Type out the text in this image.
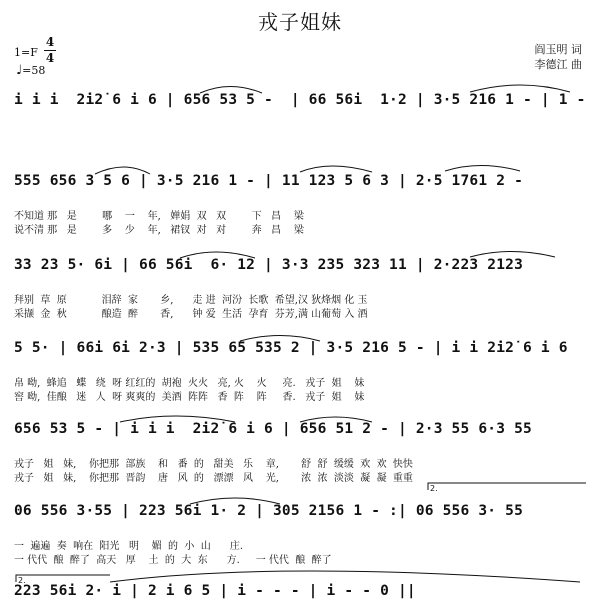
戎子姐妹
1=F
4
4
♩=58
阎玉明 词
李德江 曲
i i i  2̇i2̇ 6 i 6 | 656 53 5 -  | 66 56i  1·2 | 3·5 216 1 - | 1 -
555 656 3 5 6 | 3·5 216 1 - | 11 123 5 6 3 | 2·5 1761 2 -
不知道 那   是        哪    一    年,   婵娟  双   双        下   昌    梁
说不清 那   是        多    少    年,   裙钗  对   对        奔   昌    梁
33 23 5· 6i | 66 56i  6· 12 | 3·3 235 323 11 | 2·223 2123
拜别  草  原           泪辞  家       乡,      走 进  河汾  长歌  希望,汉 狄烽烟 化 玉
采撷  金  秋           酿造  醉       香,      钟 爱  生活  孕育  芬芳,满 山葡萄 入 酒
5 5· | 66i 6i 2·3 | 535 65 535 2 | 3·5 216 5 - | i i 2̇i2̇ 6 i 6
帛 呦,  蜂追   蝶   绕  呀 红红的  胡袍  火火   亮, 火    火     亮.   戎子  姐    妹
窖 呦,  佳酿   迷   人  呀 爽爽的  美酒  阵阵   香  阵    阵     香.   戎子  姐    妹
656 53 5 - | i i i  2̇i2̇ 6 i 6 | 656 51 2 - | 2·3 55 6·3 55
戎子   姐   妹,    你把那  部族    和   番  的   甜美   乐    章,       舒  舒  缓缓  欢  欢  快快
戎子   姐   妹,    你把那  晋韵    唐   风  的   漂漂   风    光,       浓  浓  淡淡  凝  凝  重重
06 556 3·55 | 223 56i 1· 2 | 305 2156 1 - :| 06 556 3· 55
一  遍遍  奏  响在  阳光   明    媚  的  小  山      庄.
一 代代  酿  醉了  高天   厚    土  的  大  东      方.     一 代代  酿  醉了
223 56i 2· i | 2 i 6 5 | i - - - | i - - 0 ||
2.
2.
